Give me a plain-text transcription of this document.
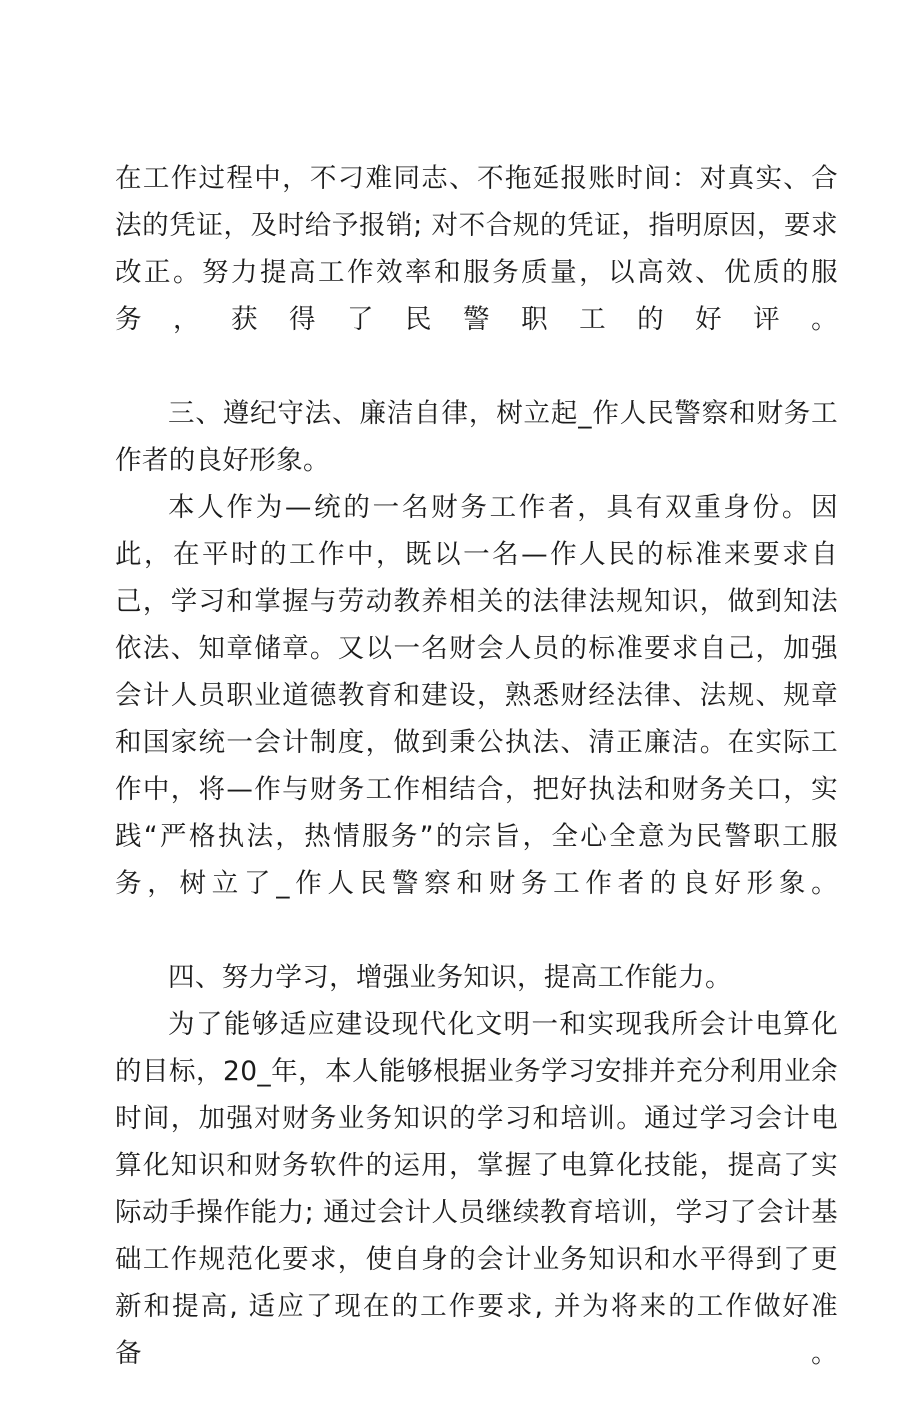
在工作过程中，不刁难同志、不拖延报账时间：对真实、合法的凭证，及时给予报销; 对不合规的凭证，指明原因，要求改正。努力提高工作效率和服务质量，以高效、优质的服务，获得了民警职工的好评。

三、遵纪守法、廉洁自律，树立起_作人民警察和财务工作者的良好形象。

本人作为—统的一名财务工作者，具有双重身份。因此，在平时的工作中，既以一名—作人民的标准来要求自己，学习和掌握与劳动教养相关的法律法规知识，做到知法依法、知章储章。又以一名财会人员的标准要求自己，加强会计人员职业道德教育和建设，熟悉财经法律、法规、规章和国家统一会计制度，做到秉公执法、清正廉洁。在实际工作中，将—作与财务工作相结合，把好执法和财务关口，实践“严格执法，热情服务”的宗旨，全心全意为民警职工服务，树立了_作人民警察和财务工作者的良好形象。

四、努力学习，增强业务知识，提高工作能力。

为了能够适应建设现代化文明一和实现我所会计电算化的目标，20_年，本人能够根据业务学习安排并充分利用业余时间，加强对财务业务知识的学习和培训。通过学习会计电算化知识和财务软件的运用，掌握了电算化技能，提高了实际动手操作能力; 通过会计人员继续教育培训，学习了会计基础工作规范化要求，使自身的会计业务知识和水平得到了更新和提高, 适应了现在的工作要求, 并为将来的工作做好准备。
